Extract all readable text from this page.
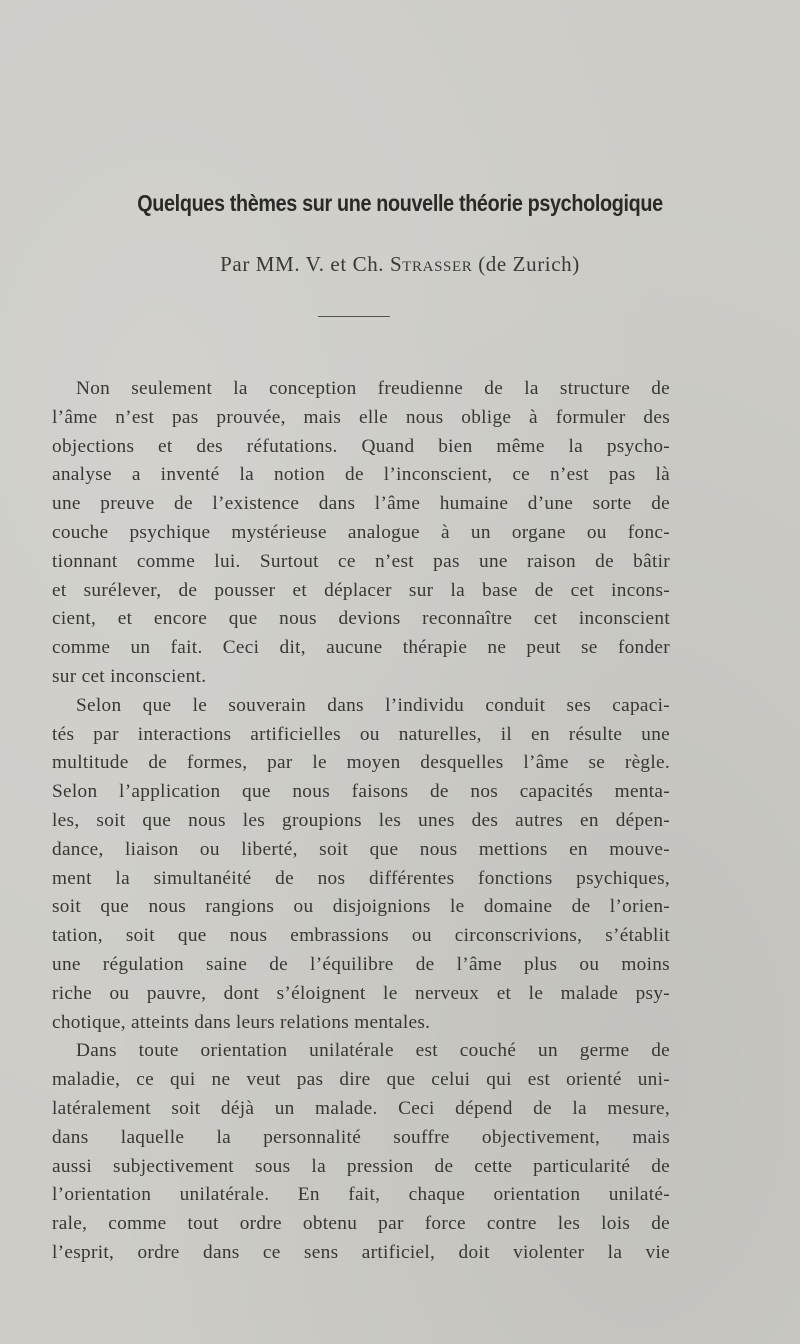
Quelques thèmes sur une nouvelle théorie psychologique

Par MM. V. et Ch. Strasser (de Zurich)

Non seulement la conception freudienne de la structure de
l’âme n’est pas prouvée, mais elle nous oblige à formuler des
objections et des réfutations. Quand bien même la psycho-
analyse a inventé la notion de l’inconscient, ce n’est pas là
une preuve de l’existence dans l’âme humaine d’une sorte de
couche psychique mystérieuse analogue à un organe ou fonc-
tionnant comme lui. Surtout ce n’est pas une raison de bâtir
et surélever, de pousser et déplacer sur la base de cet incons-
cient, et encore que nous devions reconnaître cet inconscient
comme un fait. Ceci dit, aucune thérapie ne peut se fonder
sur cet inconscient.
Selon que le souverain dans l’individu conduit ses capaci-
tés par interactions artificielles ou naturelles, il en résulte une
multitude de formes, par le moyen desquelles l’âme se règle.
Selon l’application que nous faisons de nos capacités menta-
les, soit que nous les groupions les unes des autres en dépen-
dance, liaison ou liberté, soit que nous mettions en mouve-
ment la simultanéité de nos différentes fonctions psychiques,
soit que nous rangions ou disjoignions le domaine de l’orien-
tation, soit que nous embrassions ou circonscrivions, s’établit
une régulation saine de l’équilibre de l’âme plus ou moins
riche ou pauvre, dont s’éloignent le nerveux et le malade psy-
chotique, atteints dans leurs relations mentales.
Dans toute orientation unilatérale est couché un germe de
maladie, ce qui ne veut pas dire que celui qui est orienté uni-
latéralement soit déjà un malade. Ceci dépend de la mesure,
dans laquelle la personnalité souffre objectivement, mais
aussi subjectivement sous la pression de cette particularité de
l’orientation unilatérale. En fait, chaque orientation unilaté-
rale, comme tout ordre obtenu par force contre les lois de
l’esprit, ordre dans ce sens artificiel, doit violenter la vie
